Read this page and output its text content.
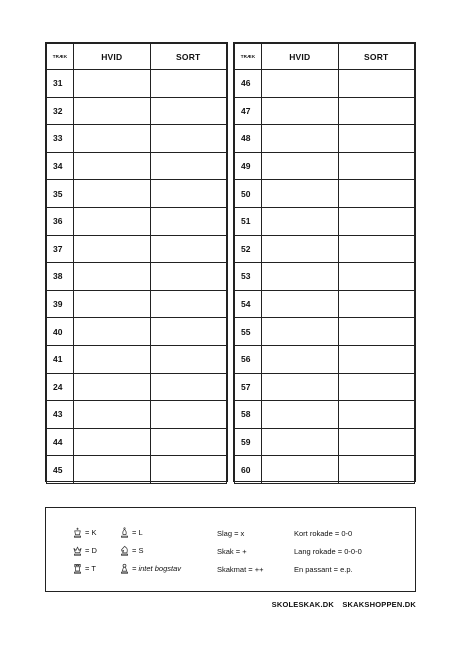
TRÆK	HVID	SORT
31		
32		
33		
34		
35		
36		
37		
38		
39		
40		
41		
24		
43		
44		
45		
TRÆK	HVID	SORT
46		
47		
48		
49		
50		
51		
52		
53		
54		
55		
56		
57		
58		
59		
60		
= K
= D
= T
= L
= S
= intet bogstav
Slag = x
Skak = +
Skakmat = ++
Kort rokade = 0-0
Lang rokade = 0-0-0
En passant = e.p.
SKOLESKAK.DK SKAKSHOPPEN.DK
